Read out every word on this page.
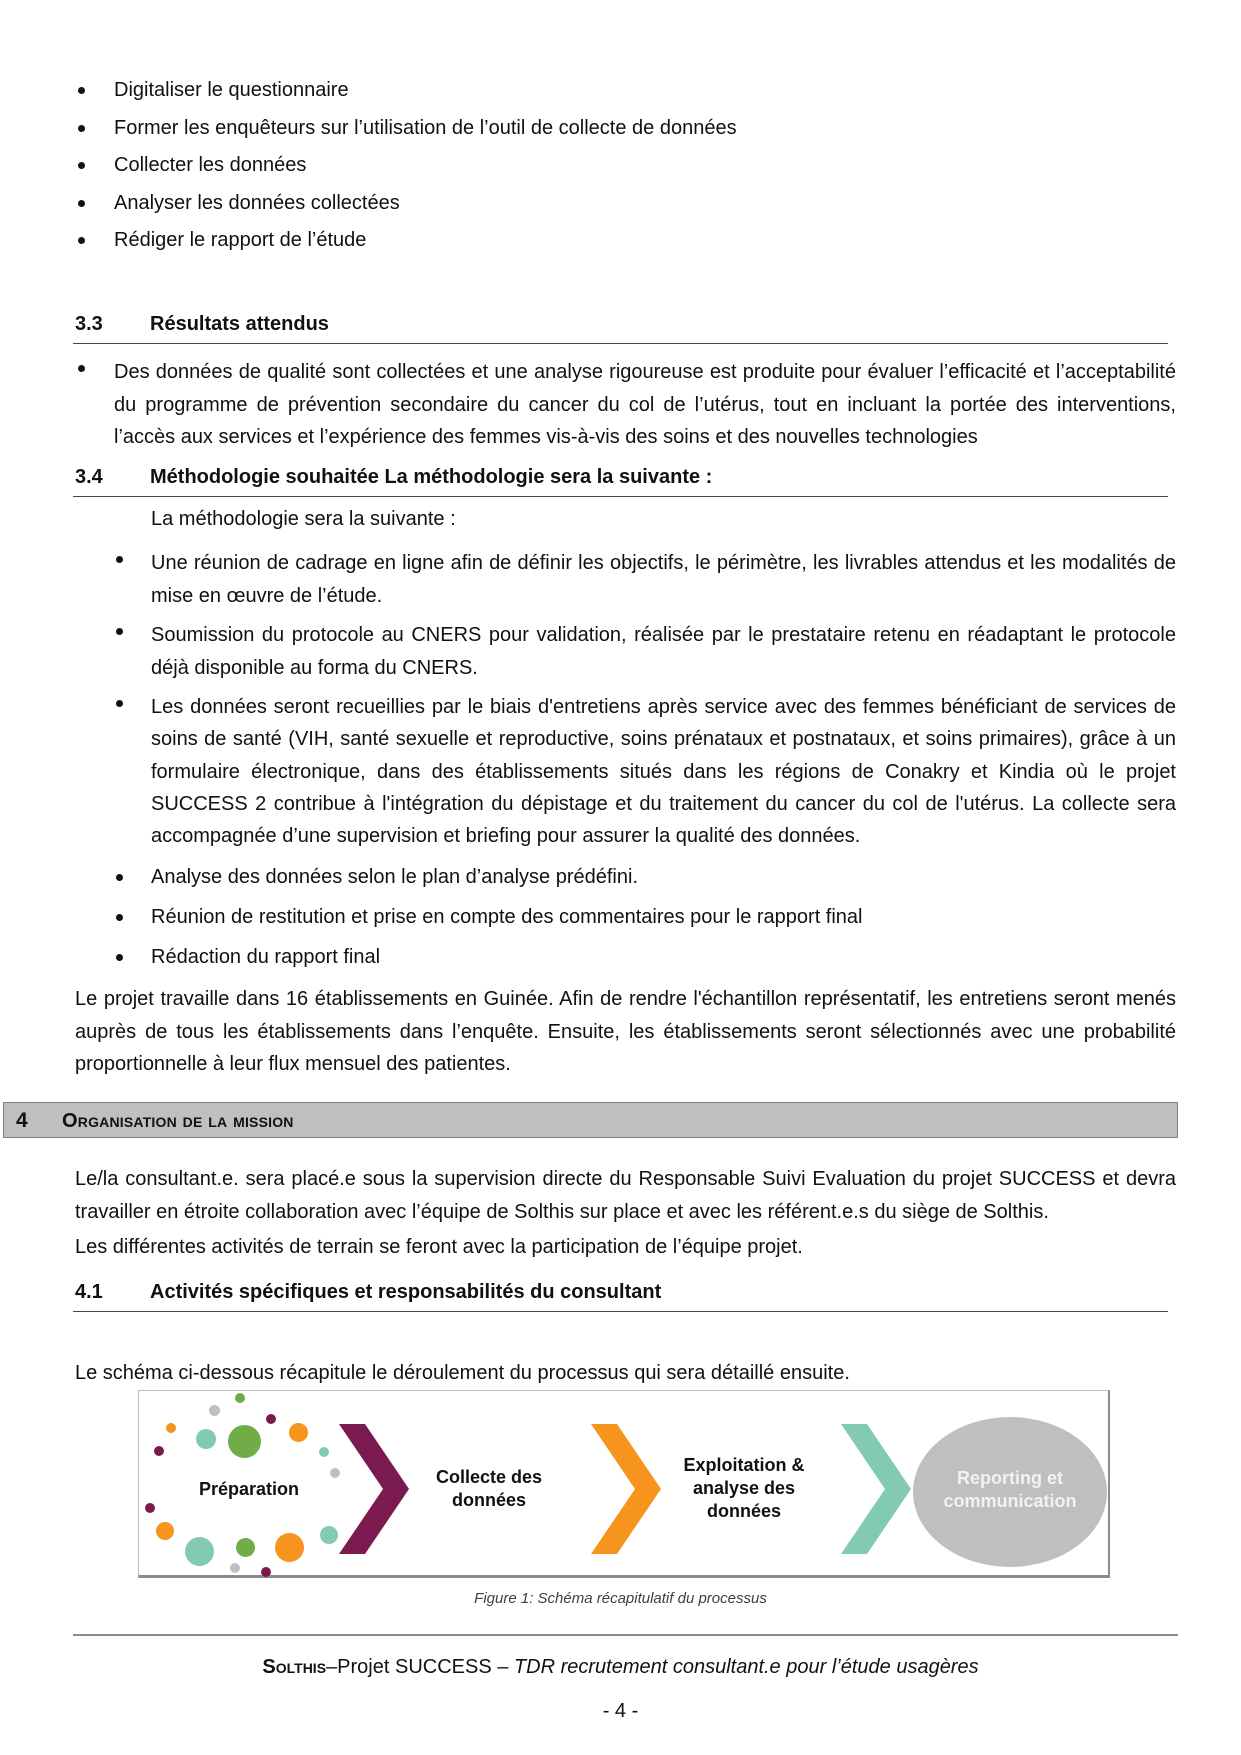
Digitaliser le questionnaire
Former les enquêteurs sur l’utilisation de l’outil de collecte de données
Collecter les données
Analyser les données collectées
Rédiger le rapport de l’étude
3.3 Résultats attendus
Des données de qualité sont collectées et une analyse rigoureuse est produite pour évaluer l’efficacité et l’acceptabilité du programme de prévention secondaire du cancer du col de l’utérus, tout en incluant la portée des interventions, l’accès aux services et l’expérience des femmes vis-à-vis des soins et des nouvelles technologies
3.4 Méthodologie souhaitée La méthodologie sera la suivante :
La méthodologie sera la suivante :
Une réunion de cadrage en ligne afin de définir les objectifs, le périmètre, les livrables attendus et les modalités de mise en œuvre de l’étude.
Soumission du protocole au CNERS pour validation, réalisée par le prestataire retenu en réadaptant le protocole déjà disponible au forma du CNERS.
Les données seront recueillies par le biais d'entretiens après service avec des femmes bénéficiant de services de soins de santé (VIH, santé sexuelle et reproductive, soins prénataux et postnataux, et soins primaires), grâce à un formulaire électronique, dans des établissements situés dans les régions de Conakry et Kindia où le projet SUCCESS 2 contribue à l'intégration du dépistage et du traitement du cancer du col de l'utérus. La collecte sera accompagnée d’une supervision et briefing pour assurer la qualité des données.
Analyse des données selon le plan d’analyse prédéfini.
Réunion de restitution et prise en compte des commentaires pour le rapport final
Rédaction du rapport final
Le projet travaille dans 16 établissements en Guinée. Afin de rendre l'échantillon représentatif, les entretiens seront menés auprès de tous les établissements dans l’enquête. Ensuite, les établissements seront sélectionnés avec une probabilité proportionnelle à leur flux mensuel des patientes.
4 Organisation de la mission
Le/la consultant.e. sera placé.e sous la supervision directe du Responsable Suivi Evaluation du projet SUCCESS et devra travailler en étroite collaboration avec l’équipe de Solthis sur place et avec les référent.e.s du siège de Solthis.
Les différentes activités de terrain se feront avec la participation de l’équipe projet.
4.1 Activités spécifiques et responsabilités du consultant
Le schéma ci-dessous récapitule le déroulement du processus qui sera détaillé ensuite.
Préparation
Collecte des données
Exploitation & analyse des données
Reporting et communication
Figure 1: Schéma récapitulatif du processus
Solthis–Projet SUCCESS – TDR recrutement consultant.e pour l’étude usagères
- 4 -
